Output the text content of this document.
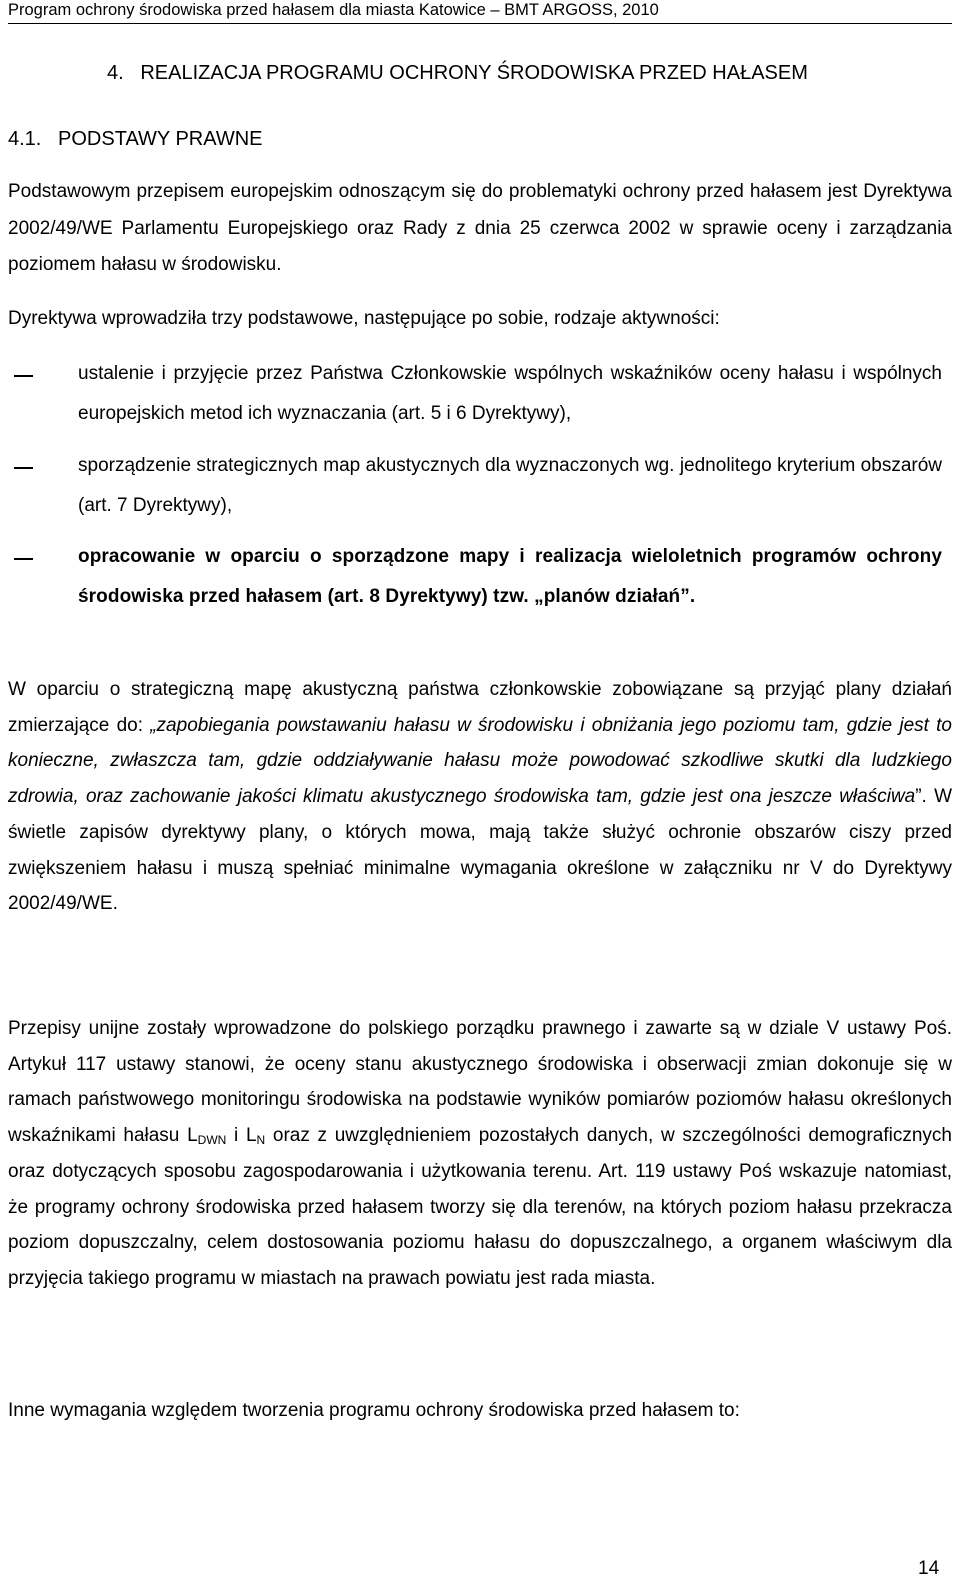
Program ochrony środowiska przed hałasem dla miasta Katowice – BMT ARGOSS, 2010
4.   REALIZACJA PROGRAMU OCHRONY ŚRODOWISKA PRZED HAŁASEM
4.1.   PODSTAWY PRAWNE
Podstawowym przepisem europejskim odnoszącym się do problematyki ochrony przed hałasem jest Dyrektywa 2002/49/WE Parlamentu Europejskiego oraz Rady z dnia 25 czerwca 2002 w sprawie oceny i zarządzania poziomem hałasu w środowisku.
Dyrektywa wprowadziła trzy podstawowe, następujące po sobie, rodzaje aktywności:
ustalenie i przyjęcie przez Państwa Członkowskie wspólnych wskaźników oceny hałasu i wspólnych europejskich metod ich wyznaczania (art. 5 i 6 Dyrektywy),
sporządzenie strategicznych map akustycznych dla wyznaczonych wg. jednolitego kryterium obszarów (art. 7 Dyrektywy),
opracowanie w oparciu o sporządzone mapy i realizacja wieloletnich programów ochrony środowiska przed hałasem (art. 8 Dyrektywy) tzw. „planów działań”.
W oparciu o strategiczną mapę akustyczną państwa członkowskie zobowiązane są przyjąć plany działań zmierzające do: „zapobiegania powstawaniu hałasu w środowisku i obniżania jego poziomu tam, gdzie jest to konieczne, zwłaszcza tam, gdzie oddziaływanie hałasu może powodować szkodliwe skutki dla ludzkiego zdrowia, oraz zachowanie jakości klimatu akustycznego środowiska tam, gdzie jest ona jeszcze właściwa”. W świetle zapisów dyrektywy plany, o których mowa, mają także służyć ochronie obszarów ciszy przed zwiększeniem hałasu i muszą spełniać minimalne wymagania określone w załączniku nr V do Dyrektywy 2002/49/WE.
Przepisy unijne zostały wprowadzone do polskiego porządku prawnego i zawarte są w dziale V ustawy Poś. Artykuł 117 ustawy stanowi, że oceny stanu akustycznego środowiska i obserwacji zmian dokonuje się w ramach państwowego monitoringu środowiska na podstawie wyników pomiarów poziomów hałasu określonych wskaźnikami hałasu $L_{DWN}$ i $L_N$ oraz z uwzględnieniem pozostałych danych, w szczególności demograficznych oraz dotyczących sposobu zagospodarowania i użytkowania terenu. Art. 119 ustawy Poś wskazuje natomiast, że programy ochrony środowiska przed hałasem tworzy się dla terenów, na których poziom hałasu przekracza poziom dopuszczalny, celem dostosowania poziomu hałasu do dopuszczalnego, a organem właściwym dla przyjęcia takiego programu w miastach na prawach powiatu jest rada miasta.
Inne wymagania względem tworzenia programu ochrony środowiska przed hałasem to:
14
